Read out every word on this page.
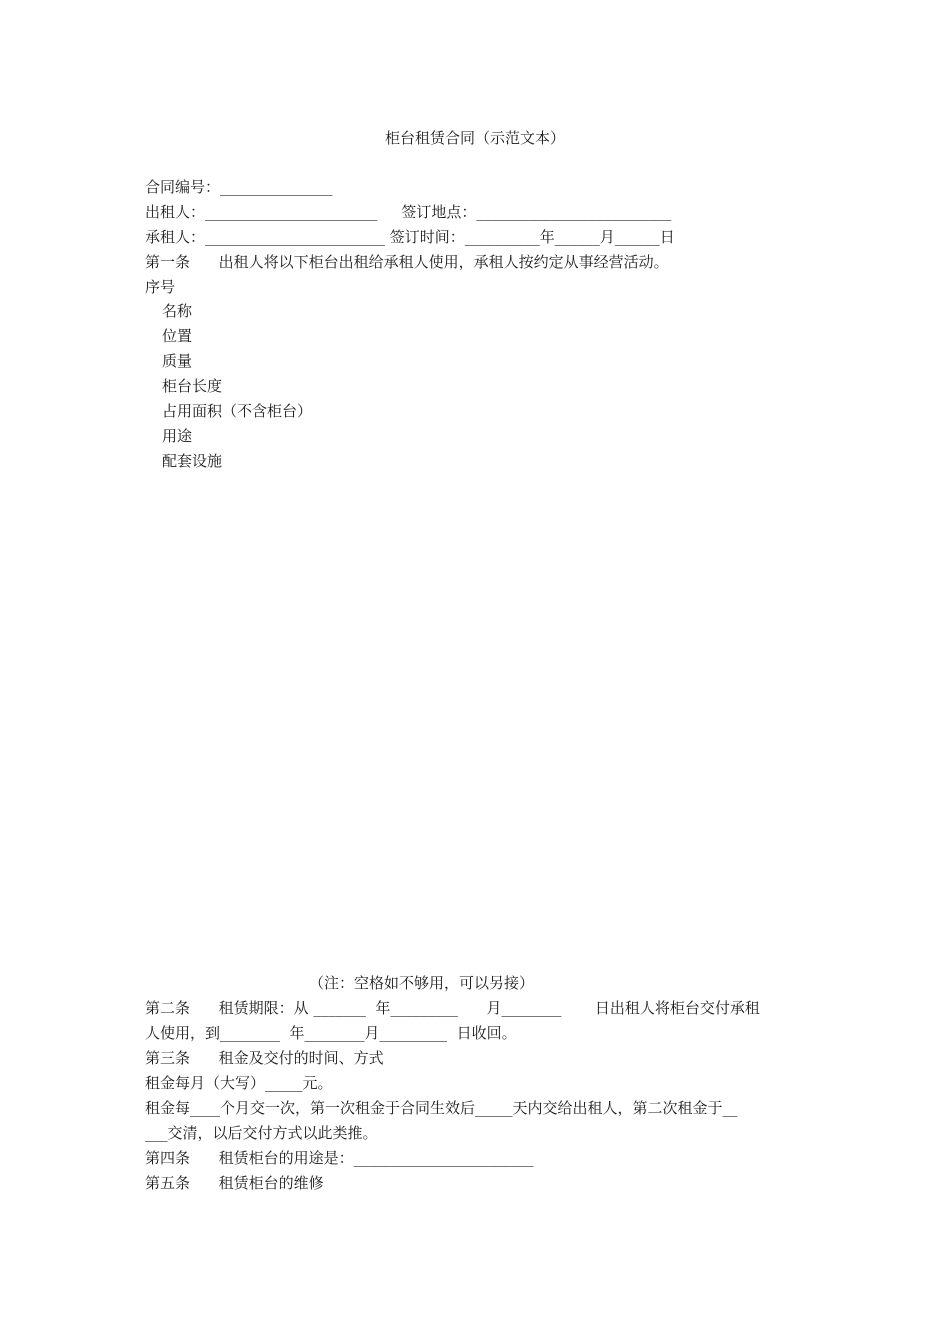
柜台租赁合同（示范文本）
合同编号：_______________
出租人：_______________________     签订地点：__________________________
承租人：________________________ 签订时间：__________年______月______日
第一条      出租人将以下柜台出租给承租人使用，承租人按约定从事经营活动。
序号
名称
位置
质量
柜台长度
占用面积（不含柜台）
用途
配套设施
（注：空格如不够用，可以另接）
第二条      租赁期限：从 _______  年_________      月________       日出租人将柜台交付承租
人使用，到________  年________月_________  日收回。
第三条      租金及交付的时间、方式
租金每月（大写）_____元。
租金每____个月交一次，第一次租金于合同生效后_____天内交给出租人，第二次租金于__
___交清，以后交付方式以此类推。
第四条      租赁柜台的用途是：________________________
第五条      租赁柜台的维修
